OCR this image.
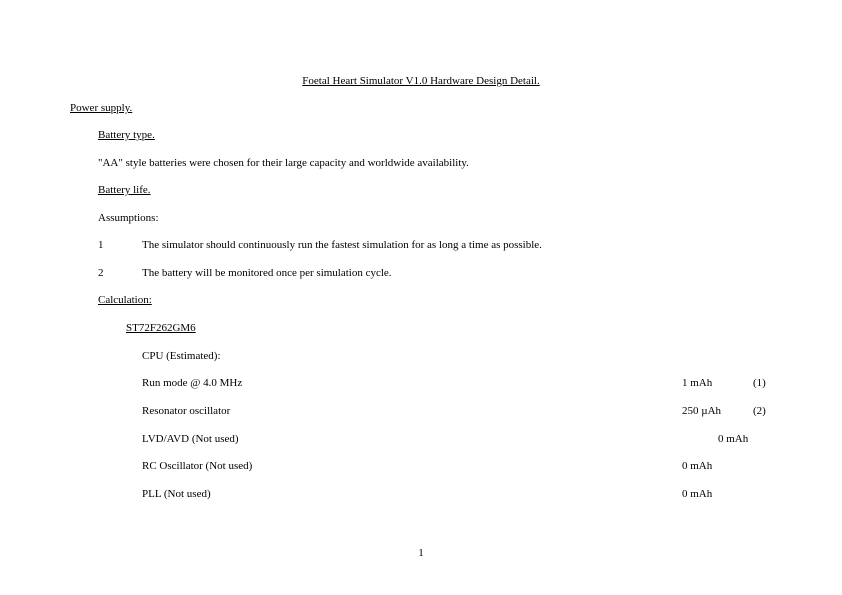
Foetal Heart Simulator V1.0 Hardware Design Detail.
Power supply.
Battery type.
"AA" style batteries were chosen for their large capacity and worldwide availability.
Battery life.
Assumptions:
1	The simulator should continuously run the fastest simulation for as long a time as possible.
2	The battery will be monitored once per simulation cycle.
Calculation:
ST72F262GM6
CPU (Estimated):
Run mode @ 4.0 MHz	1 mAh	(1)
Resonator oscillator	250 µAh	(2)
LVD/AVD (Not used)	0 mAh
RC Oscillator (Not used)	0 mAh
PLL (Not used)	0 mAh
1
